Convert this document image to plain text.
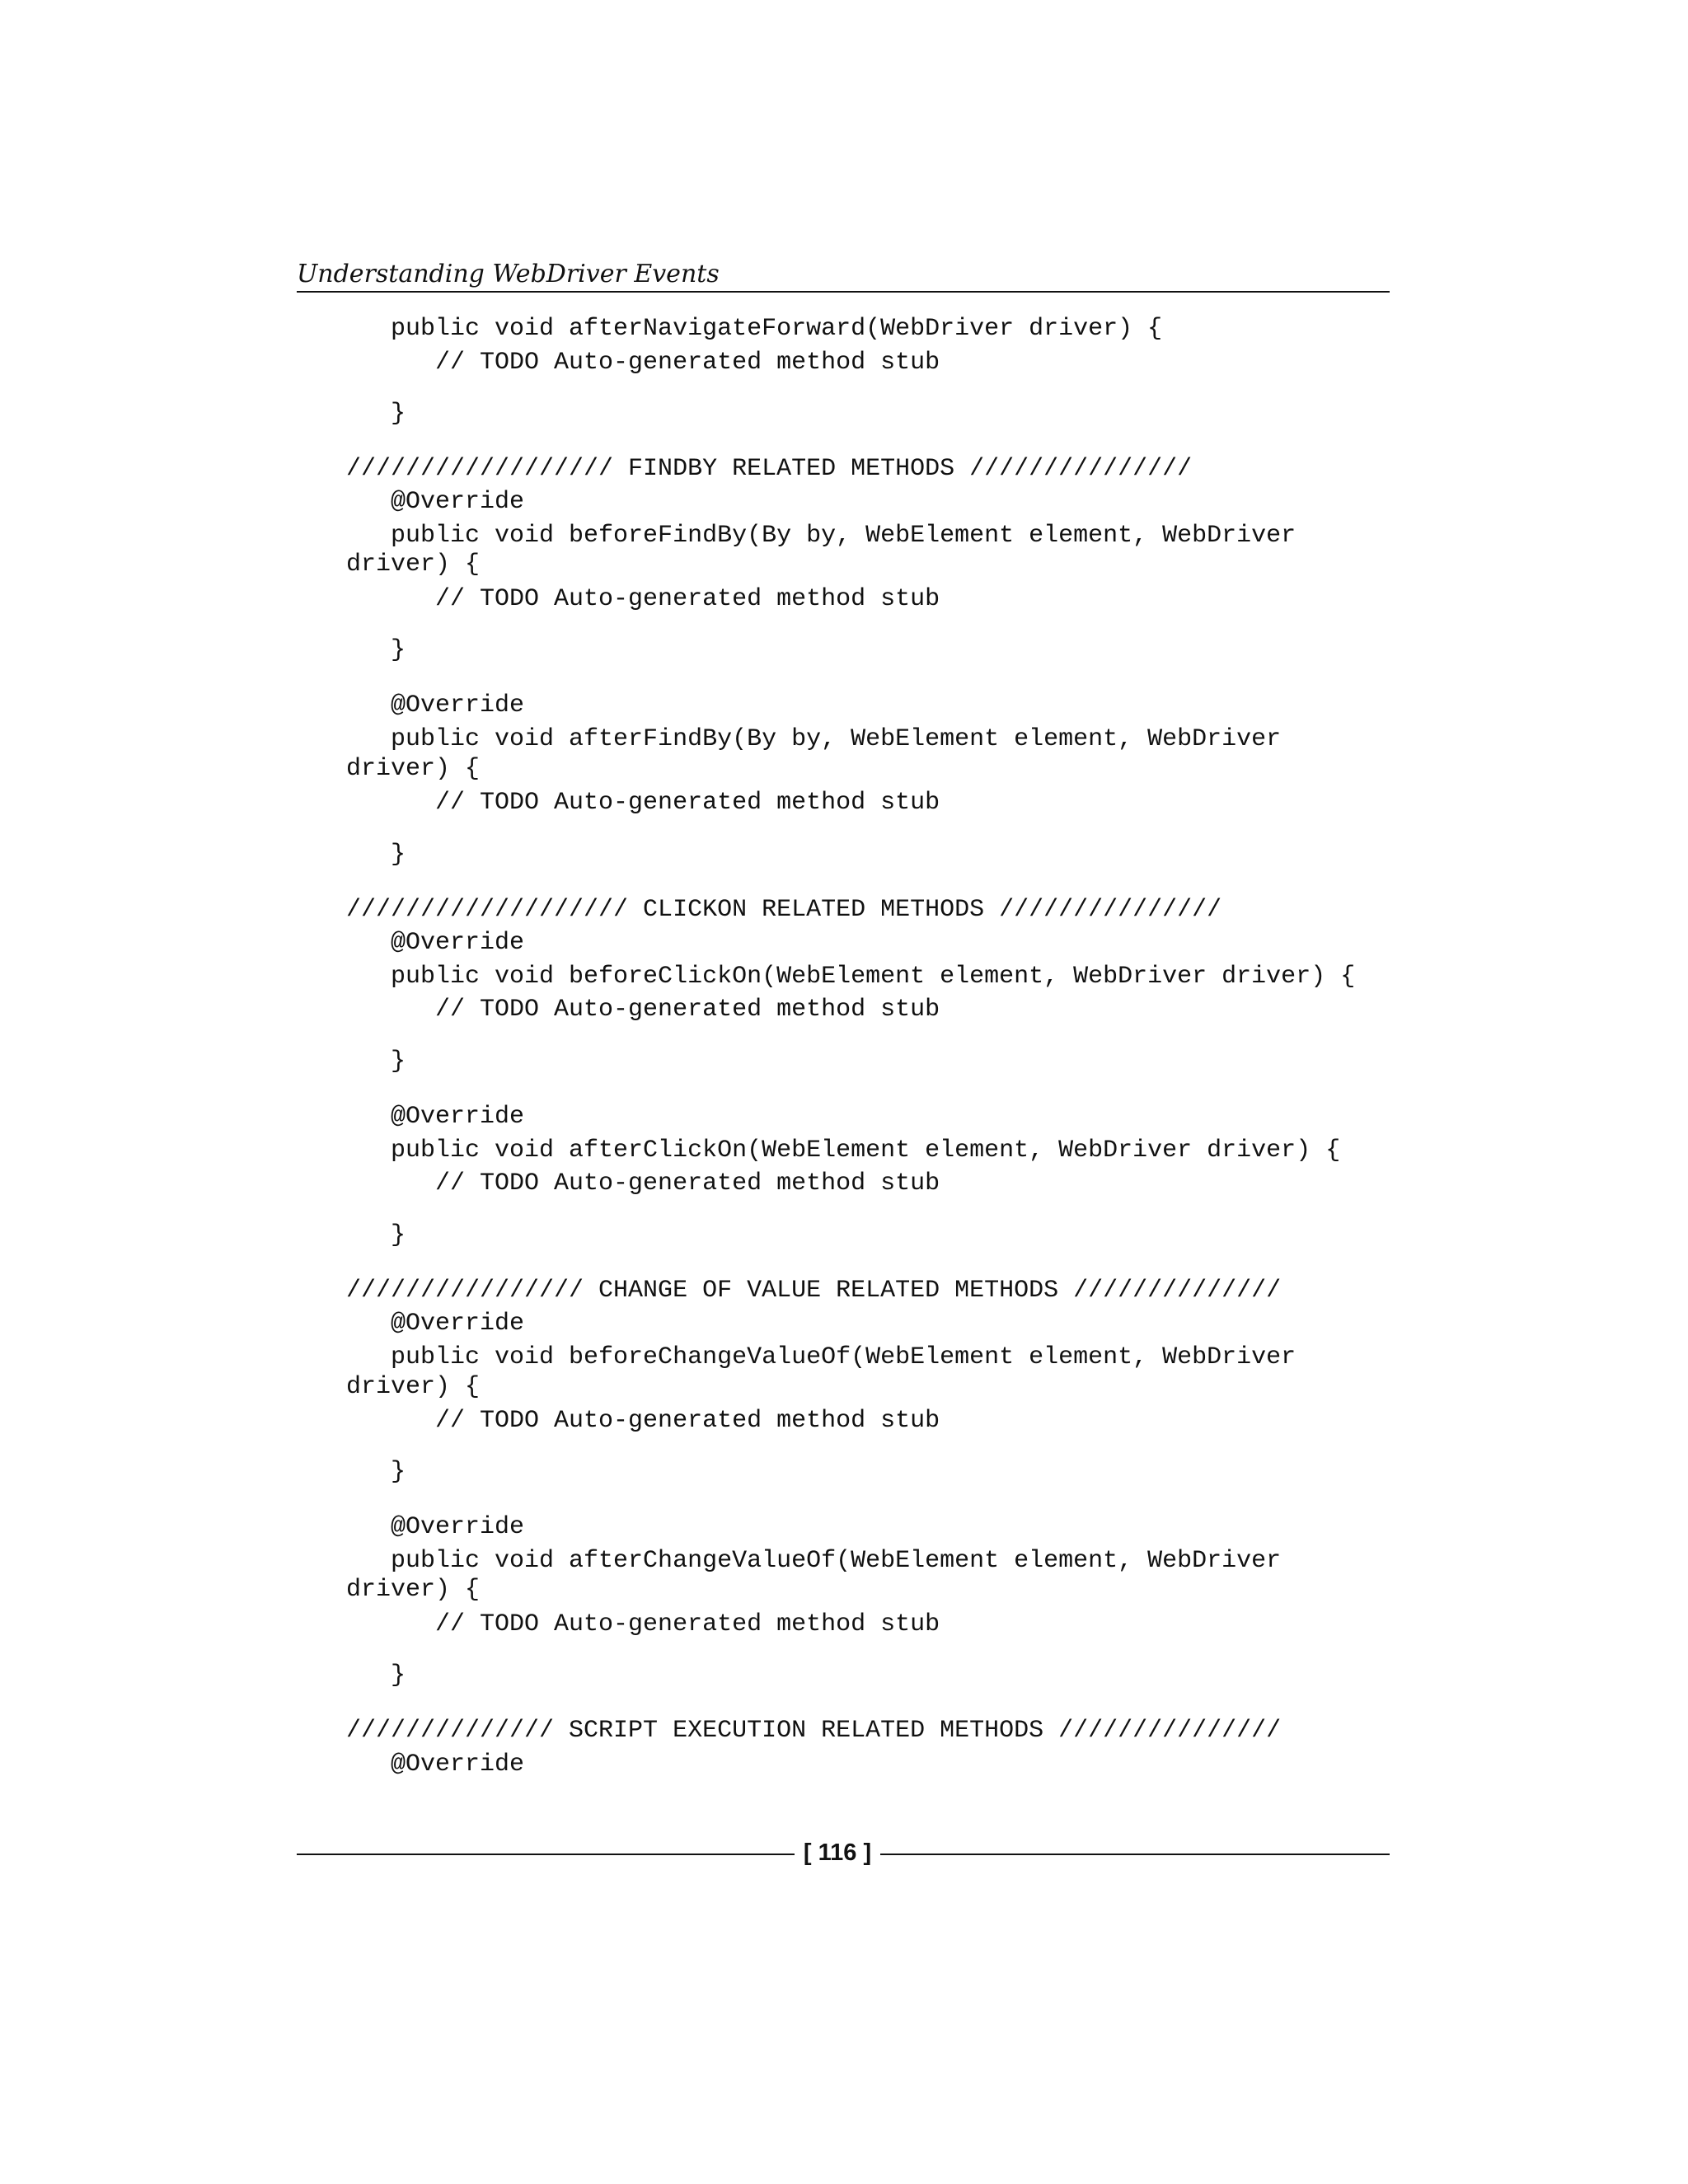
Understanding WebDriver Events
public void afterNavigateForward(WebDriver driver) {
// TODO Auto-generated method stub
}
////////////////// FINDBY RELATED METHODS ///////////////
@Override
public void beforeFindBy(By by, WebElement element, WebDriver
driver) {
// TODO Auto-generated method stub
}
@Override
public void afterFindBy(By by, WebElement element, WebDriver
driver) {
// TODO Auto-generated method stub
}
/////////////////// CLICKON RELATED METHODS ///////////////
@Override
public void beforeClickOn(WebElement element, WebDriver driver) {
// TODO Auto-generated method stub
}
@Override
public void afterClickOn(WebElement element, WebDriver driver) {
// TODO Auto-generated method stub
}
//////////////// CHANGE OF VALUE RELATED METHODS //////////////
@Override
public void beforeChangeValueOf(WebElement element, WebDriver
driver) {
// TODO Auto-generated method stub
}
@Override
public void afterChangeValueOf(WebElement element, WebDriver
driver) {
// TODO Auto-generated method stub
}
////////////// SCRIPT EXECUTION RELATED METHODS ///////////////
@Override
[ 116 ]
